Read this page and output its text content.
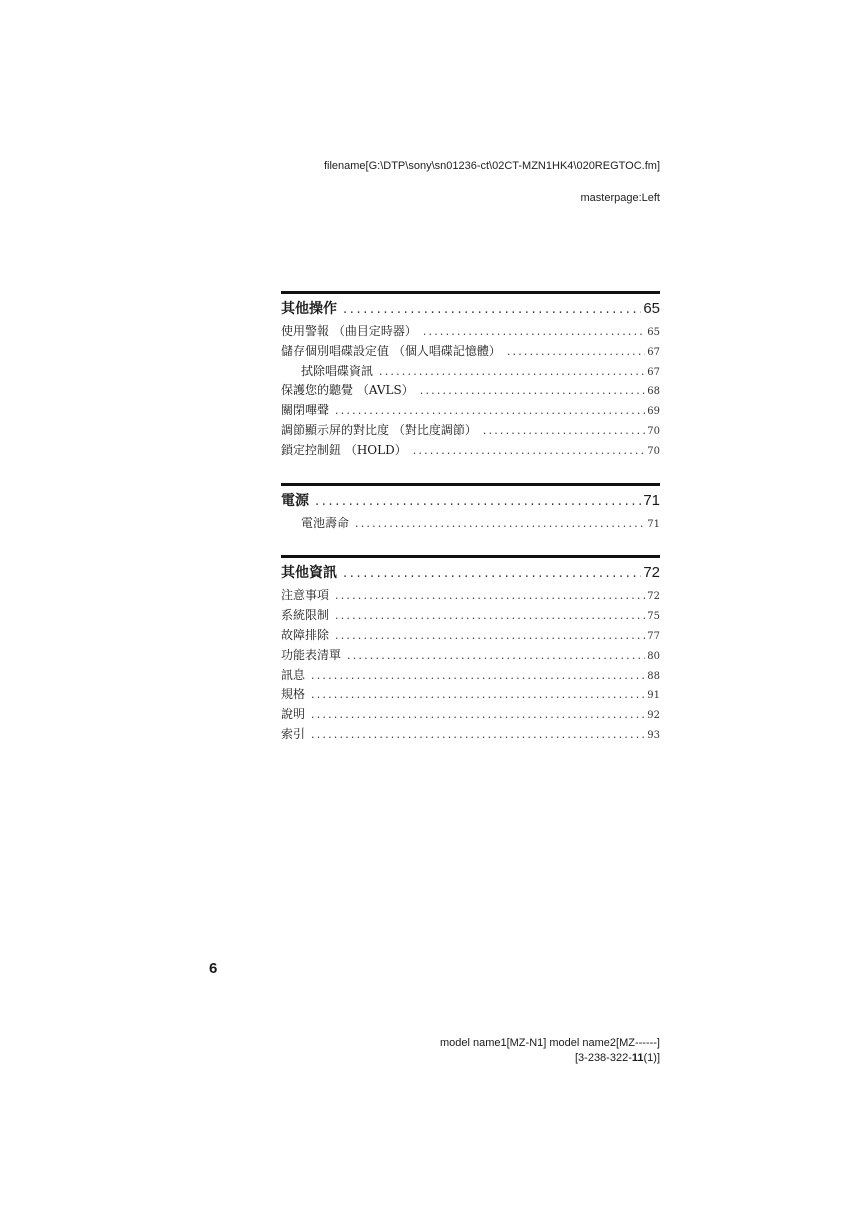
filename[G:\DTP\sony\sn01236-ct\02CT-MZN1HK4\020REGTOC.fm]
masterpage:Left
其他操作 .....	65
使用警報 （曲目定時器） .....	65
儲存個別唱碟設定值 （個人唱碟記憶體） .....	67
拭除唱碟資訊 .....	67
保護您的聽覺 （AVLS） .....	68
關閉嗶聲 .....	69
調節顯示屏的對比度 （對比度調節） .....	70
鎖定控制鈕 （HOLD） .....	70
電源 .....	71
電池壽命 .....	71
其他資訊 .....	72
注意事項 .....	72
系統限制 .....	75
故障排除 .....	77
功能表清單 .....	80
訊息 .....	88
規格 .....	91
說明 .....	92
索引 .....	93
6
model name1[MZ-N1] model name2[MZ------]
[3-238-322-11(1)]
